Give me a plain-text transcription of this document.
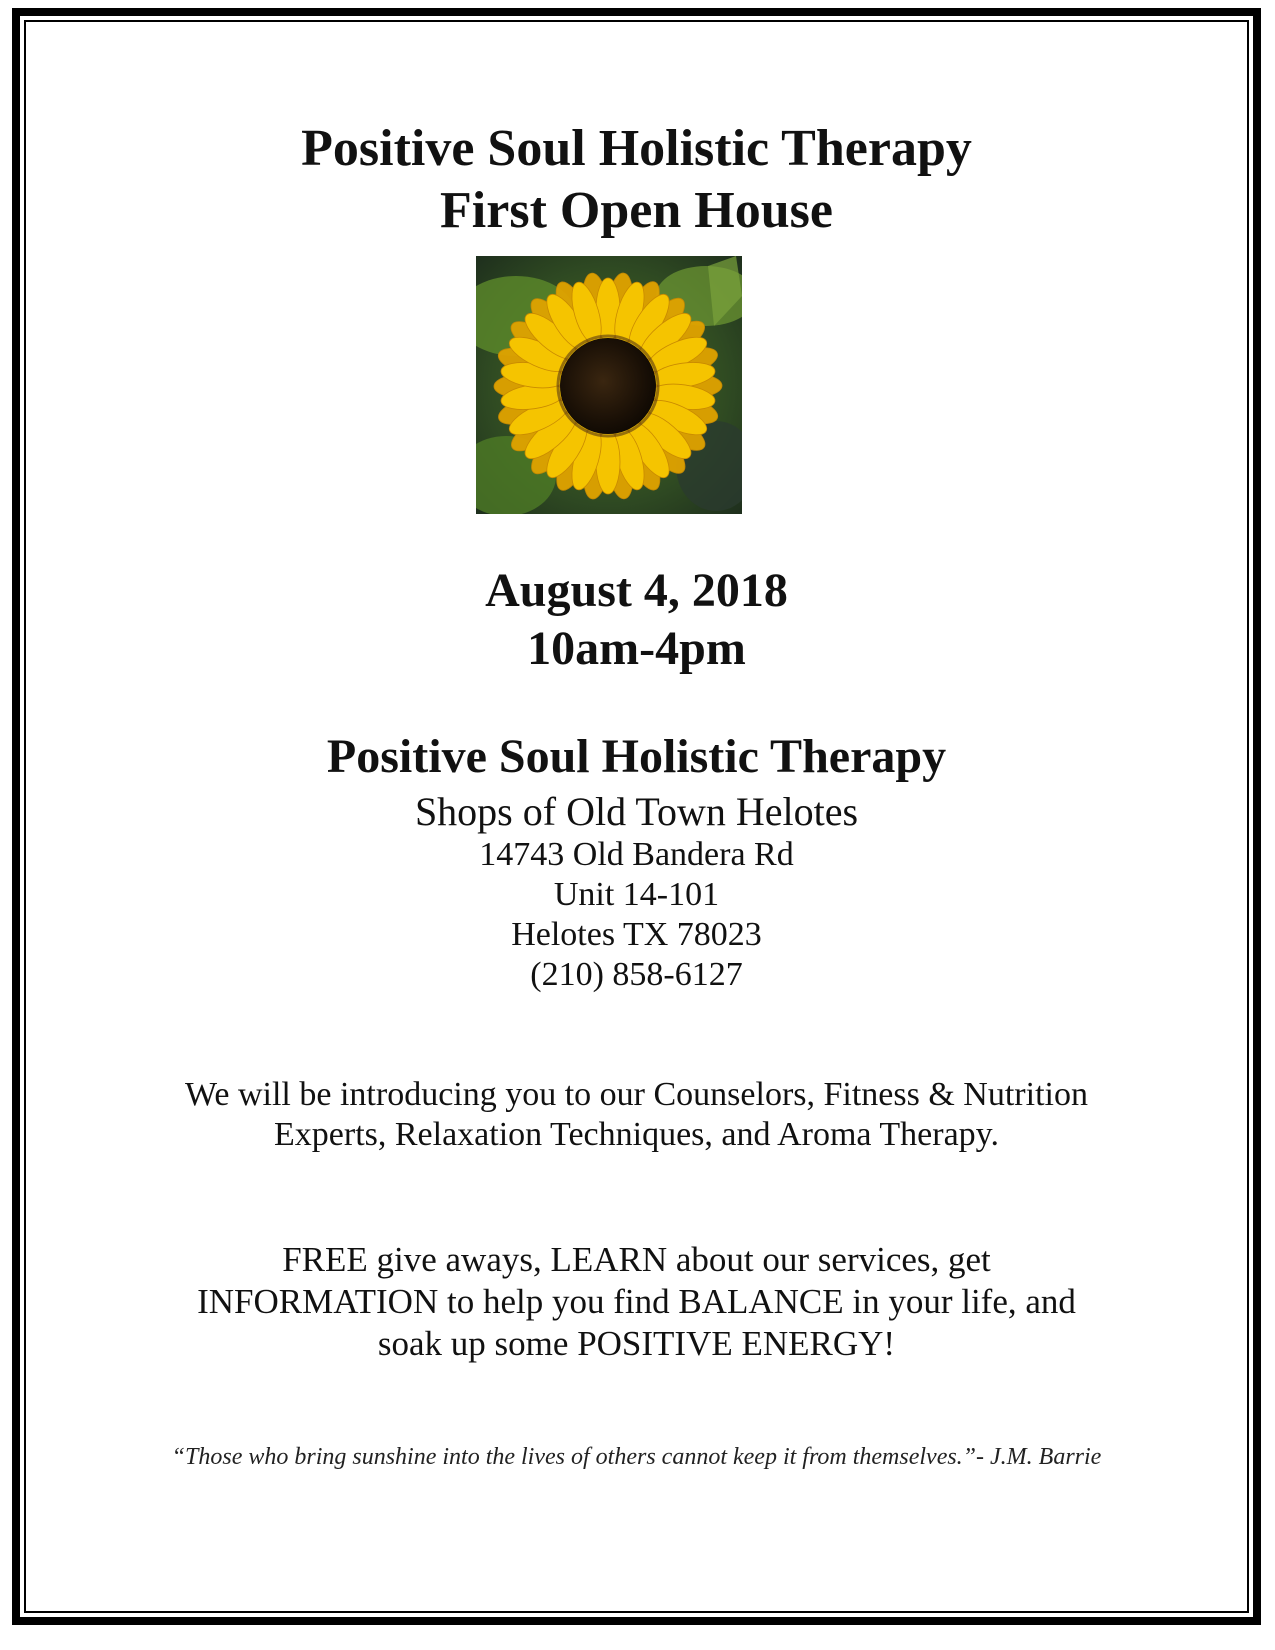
Positive Soul Holistic Therapy
First Open House
August 4, 2018
10am-4pm
Positive Soul Holistic Therapy
Shops of Old Town Helotes
14743 Old Bandera Rd
Unit 14-101
Helotes TX 78023
(210) 858-6127
We will be introducing you to our Counselors, Fitness & Nutrition
Experts, Relaxation Techniques, and Aroma Therapy.
FREE give aways, LEARN about our services, get
INFORMATION to help you find BALANCE in your life, and
soak up some POSITIVE ENERGY!
“Those who bring sunshine into the lives of others cannot keep it from themselves.”- J.M. Barrie
